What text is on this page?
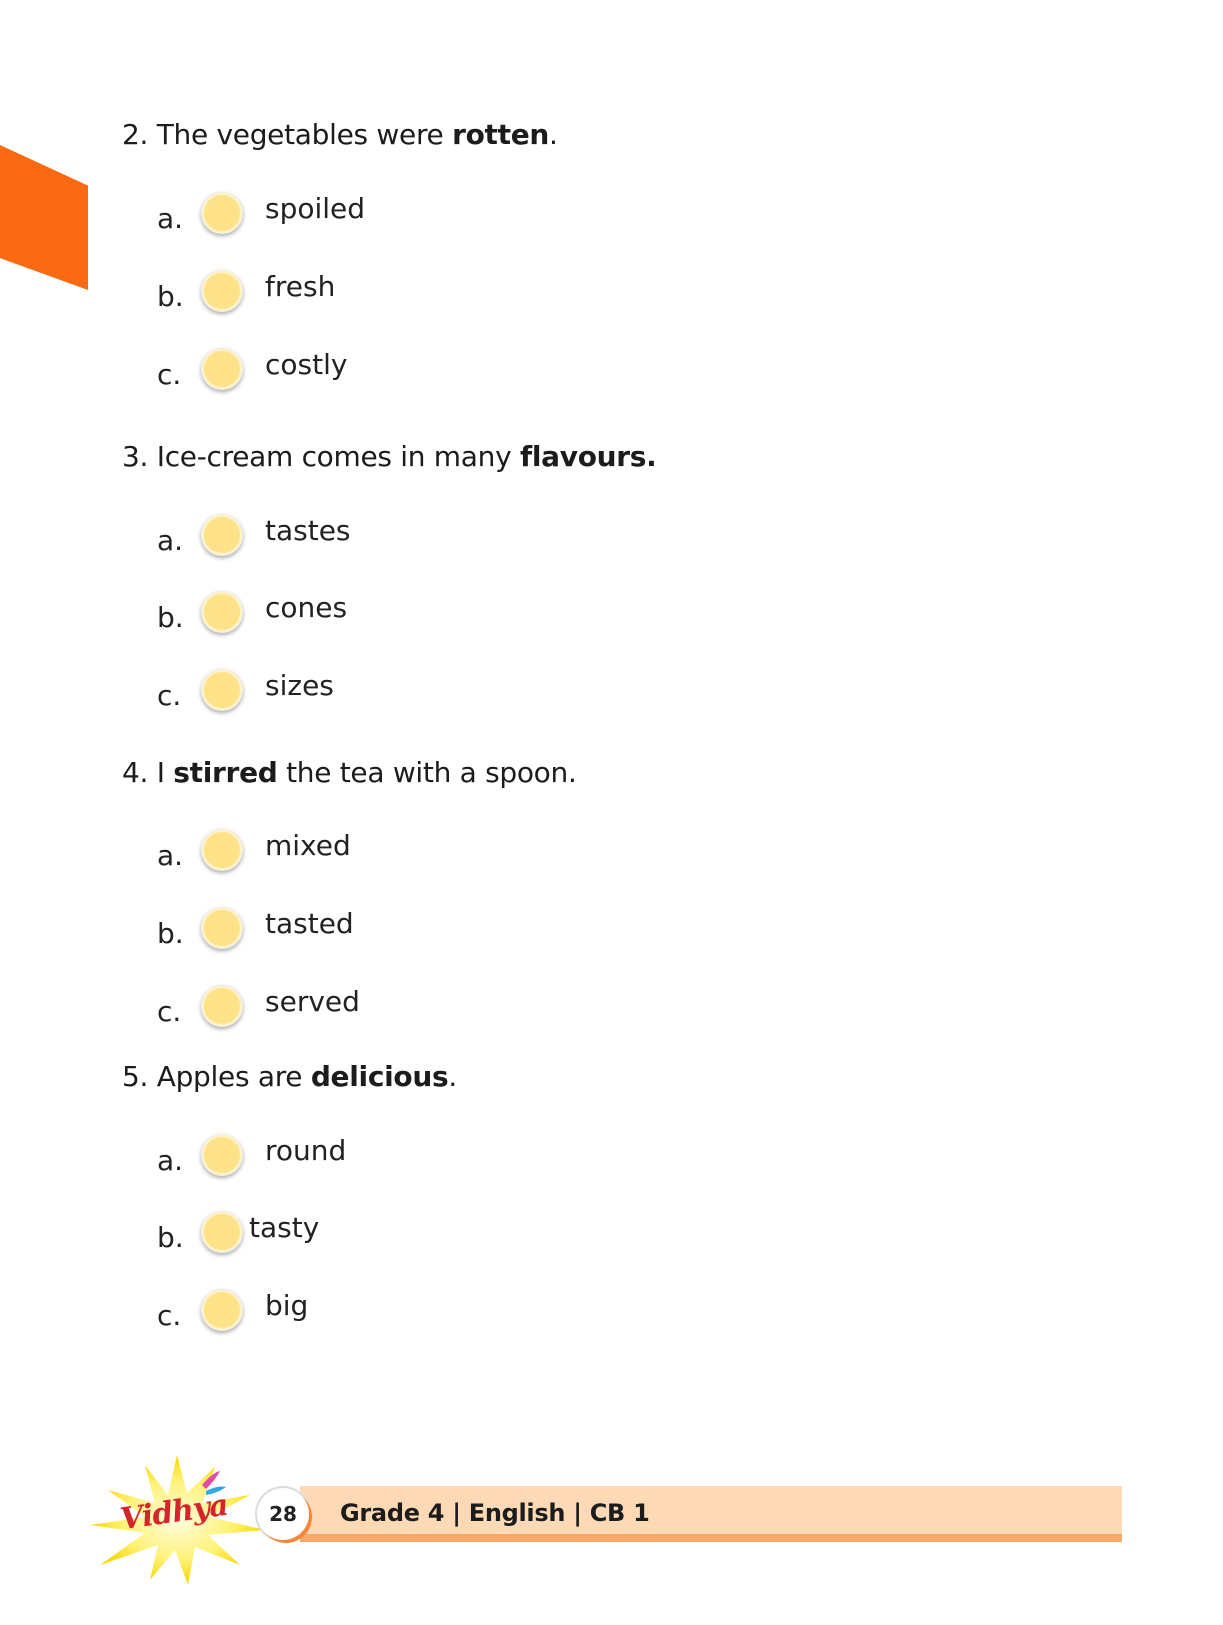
2. The vegetables were rotten.
a.	spoiled
b.	fresh
c.	costly
3. Ice-cream comes in many flavours.
a.	tastes
b.	cones
c.	sizes
4. I stirred the tea with a spoon.
a.	mixed
b.	tasted
c.	served
5. Apples are delicious.
a.	round
b. tasty
c.	big
Vidhya	28	Grade 4 | English | CB 1
